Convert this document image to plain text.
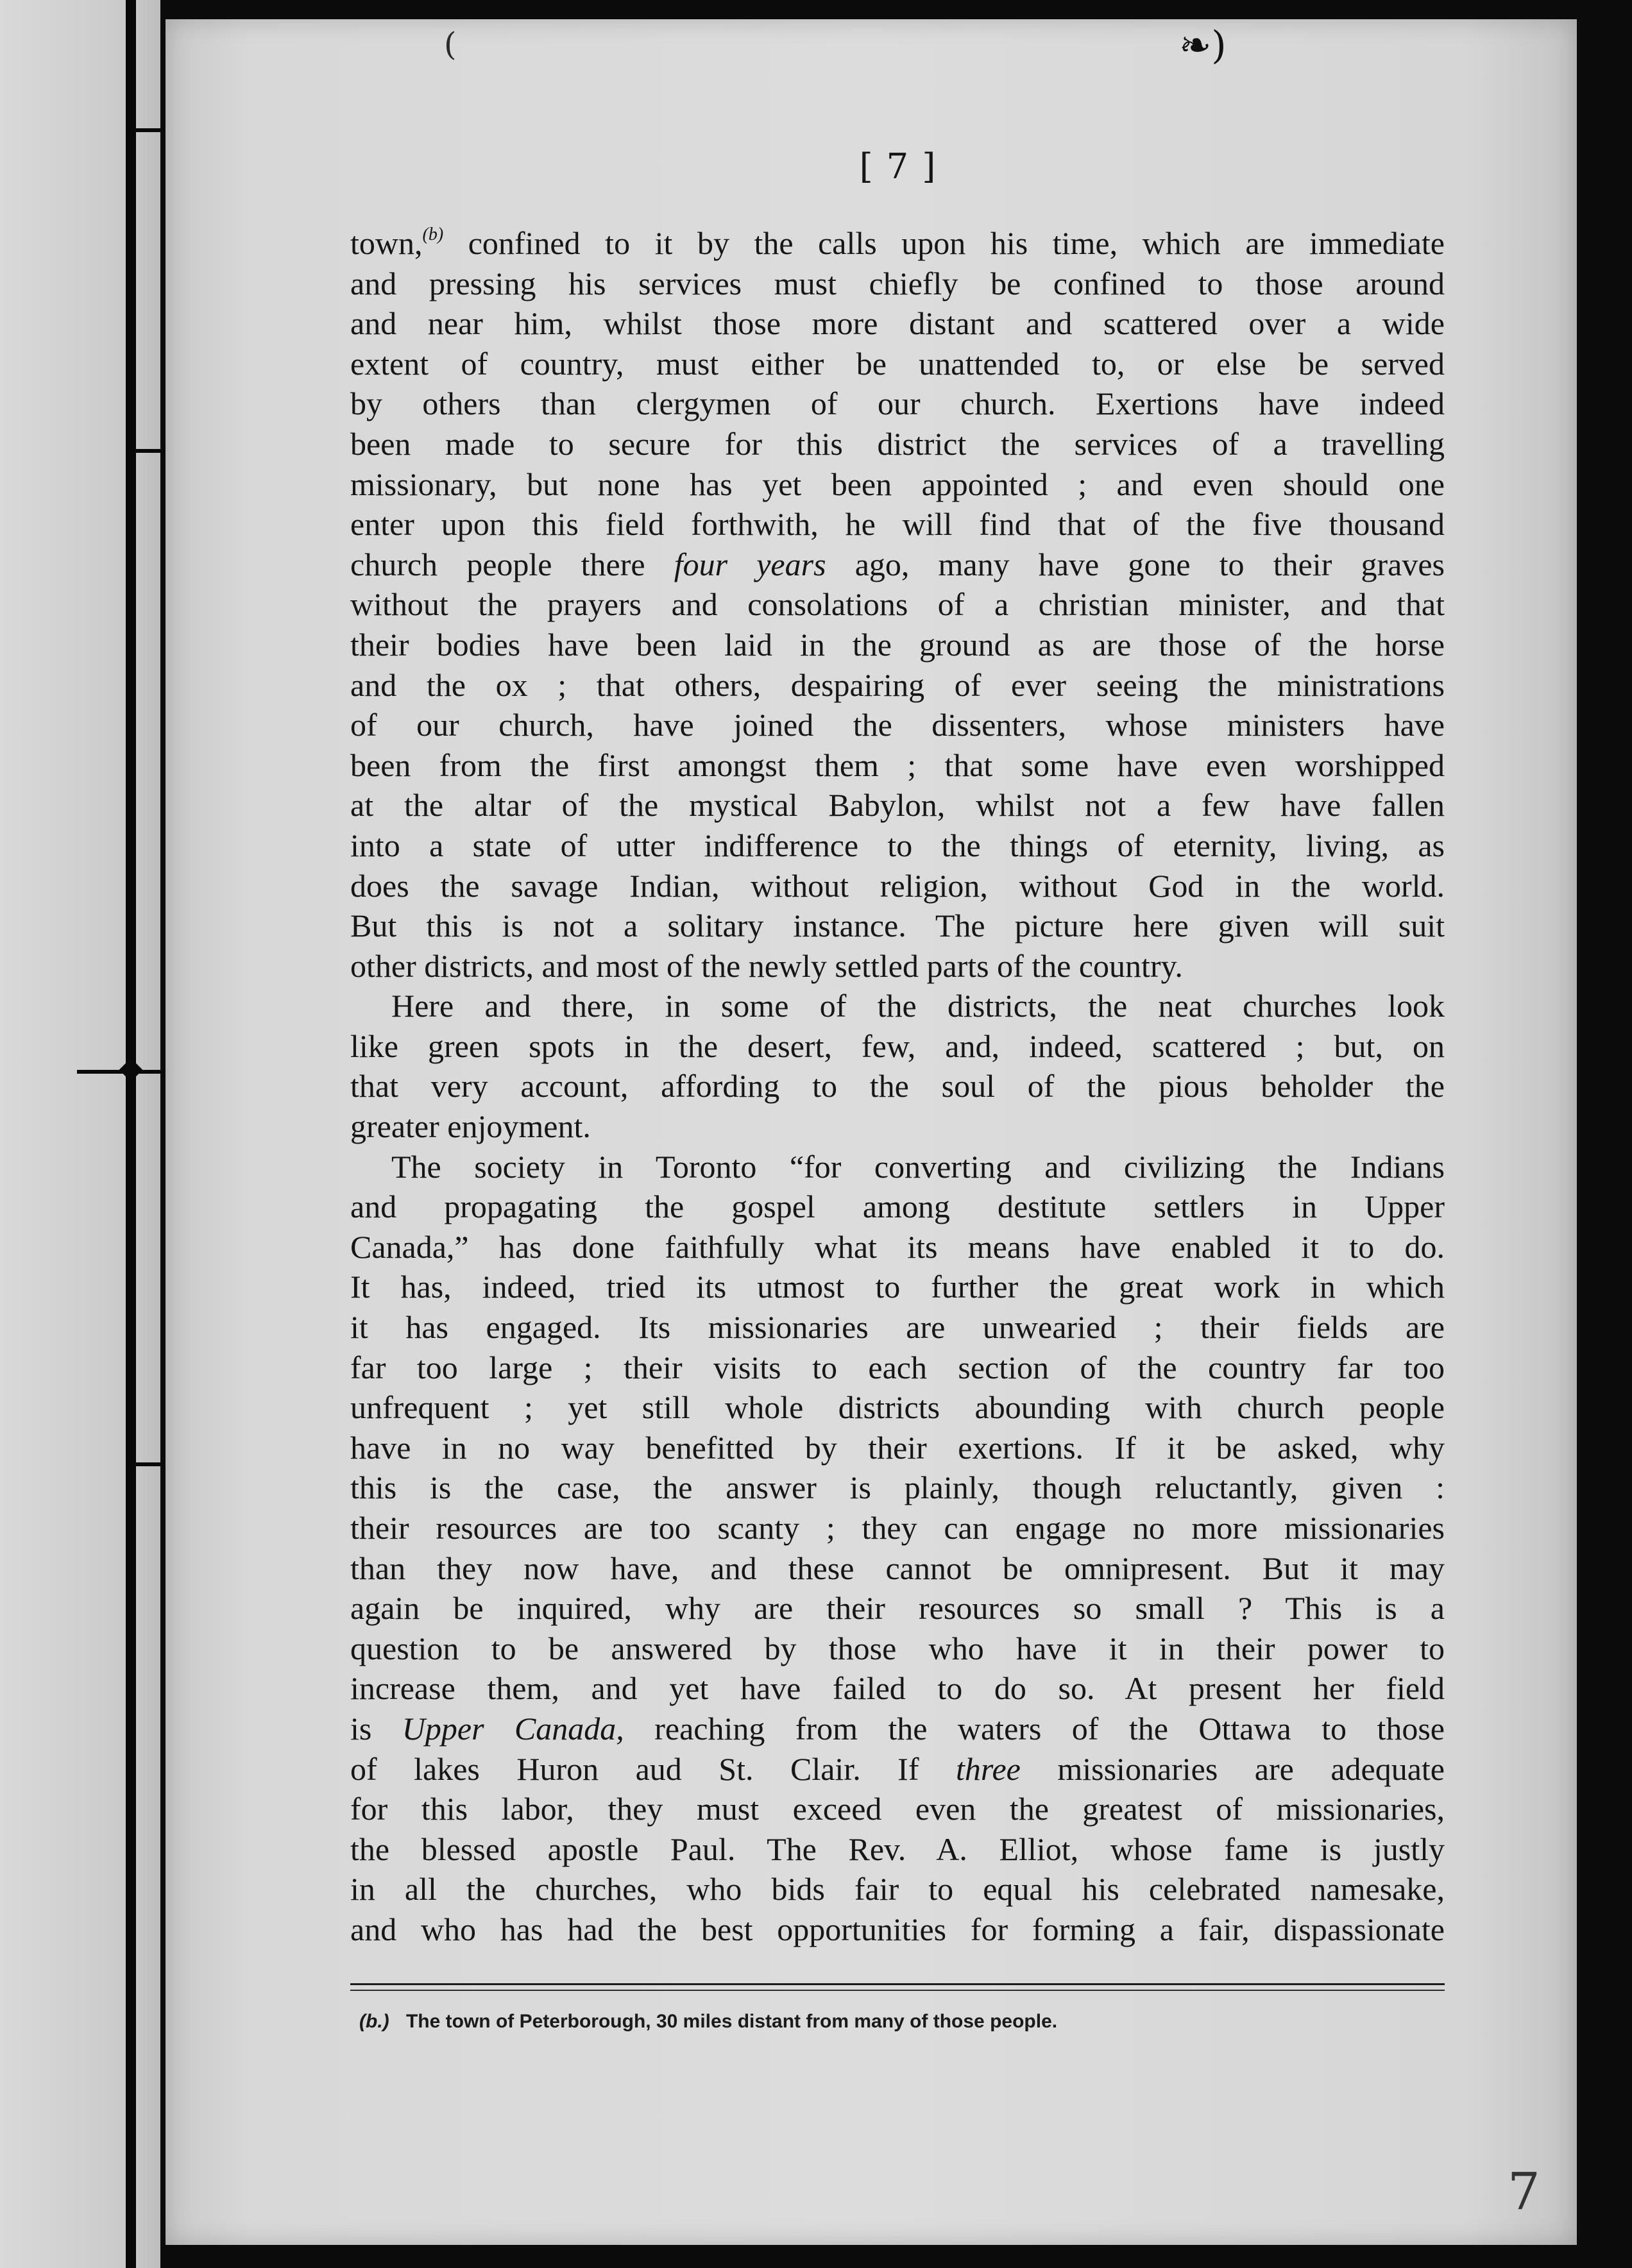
(	❧)
[ 7 ]
town,$^{(b)}$ confined to it by the calls upon his time, which are immediate
and pressing his services must chiefly be confined to those around
and near him, whilst those more distant and scattered over a wide
extent of country, must either be unattended to, or else be served
by others than clergymen of our church. Exertions have indeed
been made to secure for this district the services of a travelling
missionary, but none has yet been appointed ; and even should one
enter upon this field forthwith, he will find that of the five thousand
church people there four years ago, many have gone to their graves
without the prayers and consolations of a christian minister, and that
their bodies have been laid in the ground as are those of the horse
and the ox ; that others, despairing of ever seeing the ministrations
of our church, have joined the dissenters, whose ministers have
been from the first amongst them ; that some have even worshipped
at the altar of the mystical Babylon, whilst not a few have fallen
into a state of utter indifference to the things of eternity, living, as
does the savage Indian, without religion, without God in the world.
But this is not a solitary instance. The picture here given will suit
other districts, and most of the newly settled parts of the country.
Here and there, in some of the districts, the neat churches look
like green spots in the desert, few, and, indeed, scattered ; but, on
that very account, affording to the soul of the pious beholder the
greater enjoyment.
The society in Toronto “for converting and civilizing the Indians
and propagating the gospel among destitute settlers in Upper
Canada,” has done faithfully what its means have enabled it to do.
It has, indeed, tried its utmost to further the great work in which
it has engaged. Its missionaries are unwearied ; their fields are
far too large ; their visits to each section of the country far too
unfrequent ; yet still whole districts abounding with church people
have in no way benefitted by their exertions. If it be asked, why
this is the case, the answer is plainly, though reluctantly, given :
their resources are too scanty ; they can engage no more missionaries
than they now have, and these cannot be omnipresent. But it may
again be inquired, why are their resources so small ? This is a
question to be answered by those who have it in their power to
increase them, and yet have failed to do so. At present her field
is Upper Canada, reaching from the waters of the Ottawa to those
of lakes Huron aud St. Clair. If three missionaries are adequate
for this labor, they must exceed even the greatest of missionaries,
the blessed apostle Paul. The Rev. A. Elliot, whose fame is justly
in all the churches, who bids fair to equal his celebrated namesake,
and who has had the best opportunities for forming a fair, dispassionate
(b.) The town of Peterborough, 30 miles distant from many of those people.
7
